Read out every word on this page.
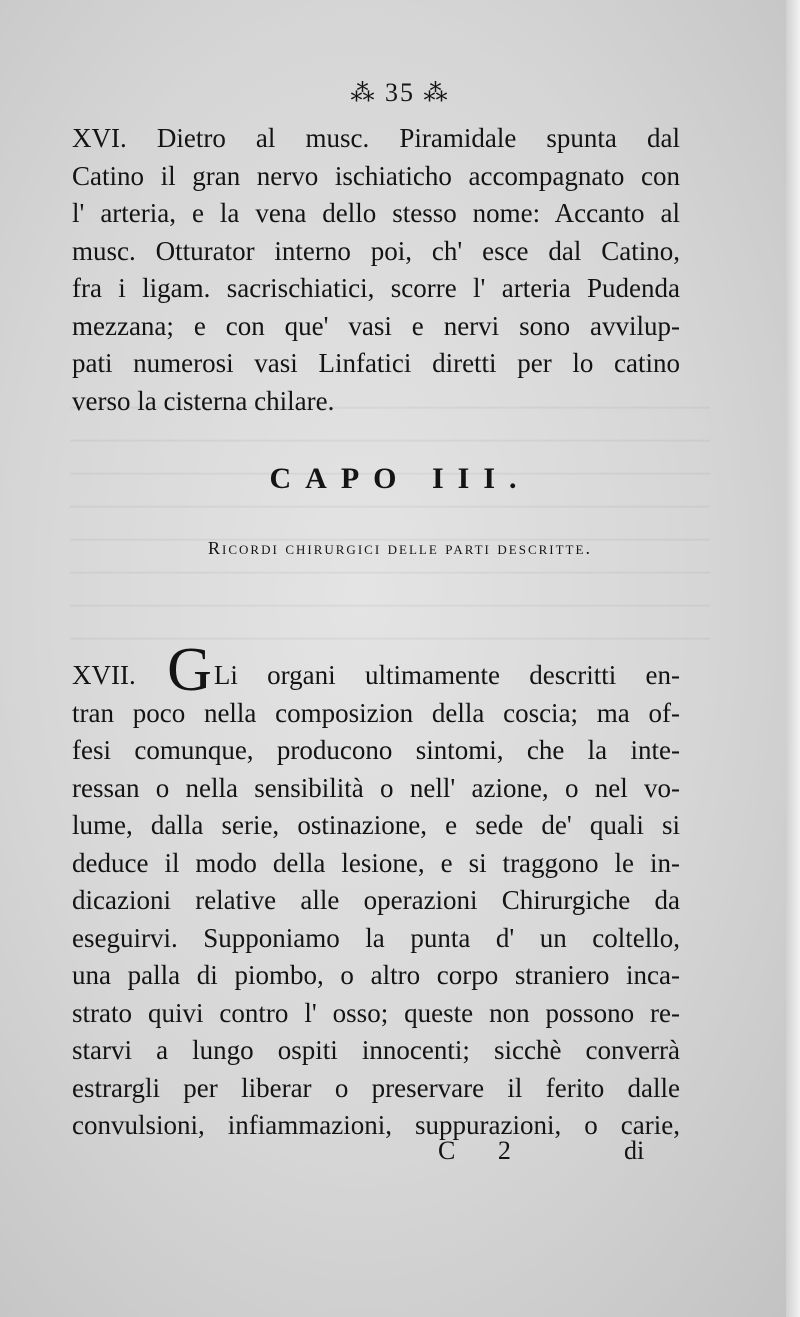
⁂ 35 ⁂
XVI. Dietro al musc. Piramidale spunta dal
Catino il gran nervo ischiaticho accompagnato con
l' arteria, e la vena dello stesso nome: Accanto al
musc. Otturator interno poi, ch' esce dal Catino,
fra i ligam. sacrischiatici, scorre l' arteria Pudenda
mezzana; e con que' vasi e nervi sono avvilup-
pati numerosi vasi Linfatici diretti per lo catino
verso la cisterna chilare.
CAPO III.
Ricordi chirurgici delle parti descritte.
XVII. GLi organi ultimamente descritti en-
tran poco nella composizion della coscia; ma of-
fesi comunque, producono sintomi, che la inte-
ressan o nella sensibilità o nell' azione, o nel vo-
lume, dalla serie, ostinazione, e sede de' quali si
deduce il modo della lesione, e si traggono le in-
dicazioni relative alle operazioni Chirurgiche da
eseguirvi. Supponiamo la punta d' un coltello,
una palla di piombo, o altro corpo straniero inca-
strato quivi contro l' osso; queste non possono re-
starvi a lungo ospiti innocenti; sicchè converrà
estrargli per liberar o preservare il ferito dalle
convulsioni, infiammazioni, suppurazioni, o carie,
C 2	di
